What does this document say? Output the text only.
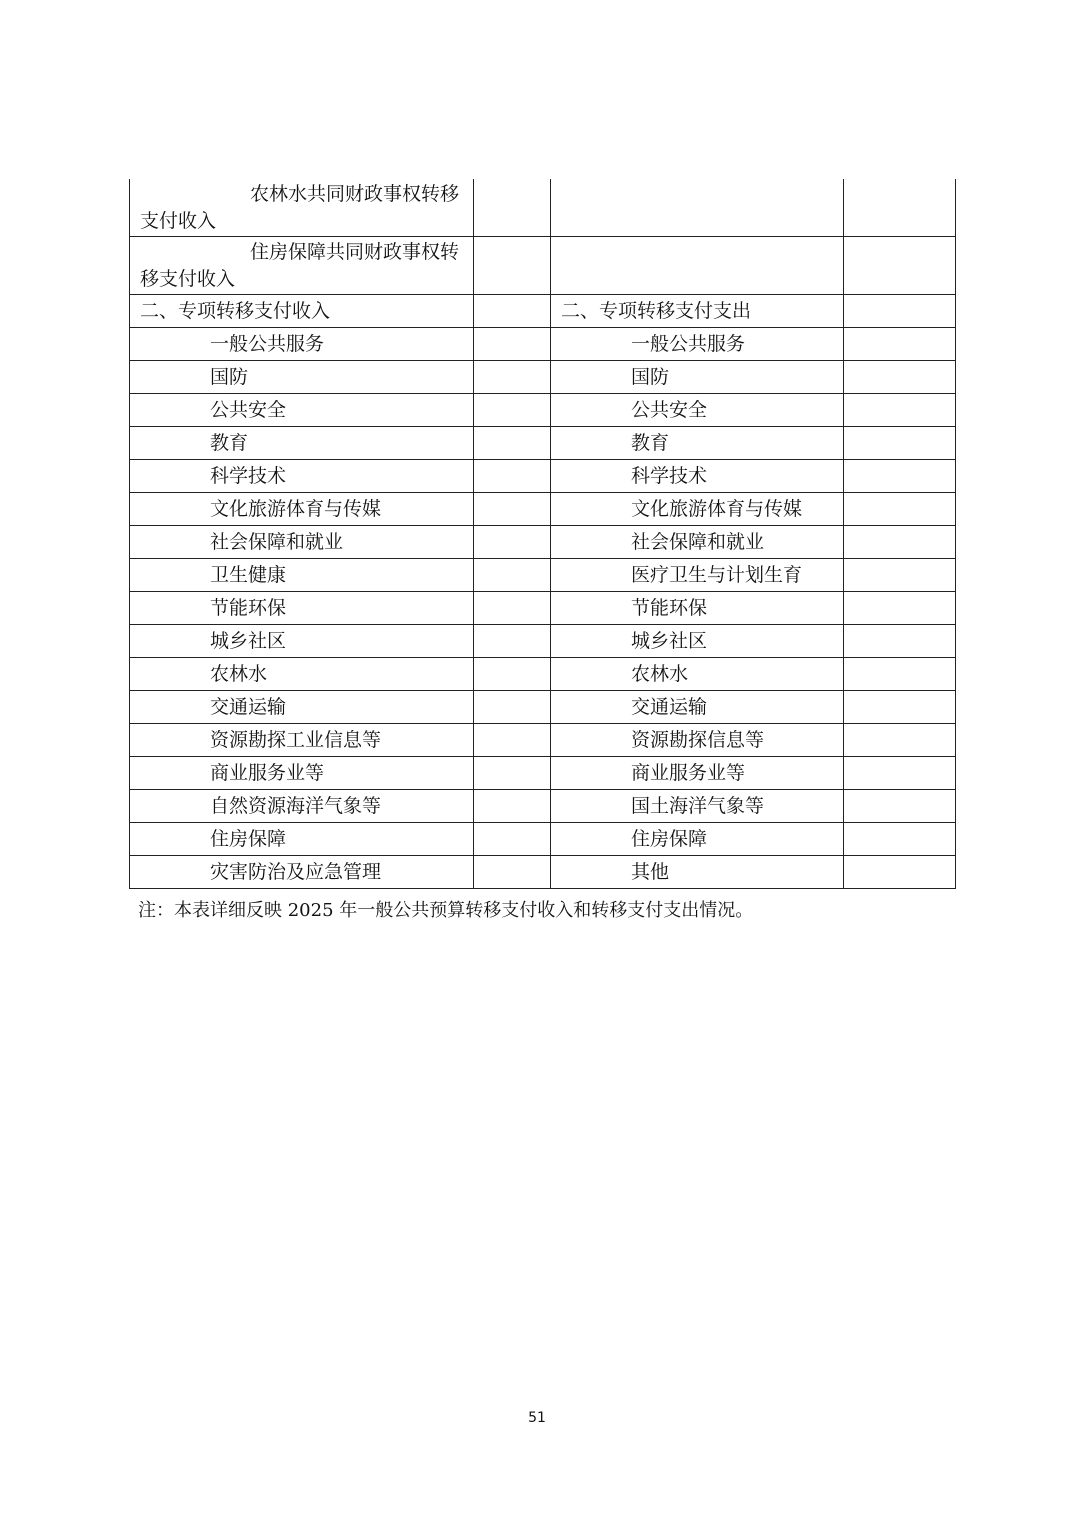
农林水共同财政事权转移支付收入			
住房保障共同财政事权转移支付收入			
二、专项转移支付收入		二、专项转移支付支出	
一般公共服务		一般公共服务	
国防		国防	
公共安全		公共安全	
教育		教育	
科学技术		科学技术	
文化旅游体育与传媒		文化旅游体育与传媒	
社会保障和就业		社会保障和就业	
卫生健康		医疗卫生与计划生育	
节能环保		节能环保	
城乡社区		城乡社区	
农林水		农林水	
交通运输		交通运输	
资源勘探工业信息等		资源勘探信息等	
商业服务业等		商业服务业等	
自然资源海洋气象等		国土海洋气象等	
住房保障		住房保障	
灾害防治及应急管理		其他	
注：本表详细反映 2025 年一般公共预算转移支付收入和转移支付支出情况。
51
